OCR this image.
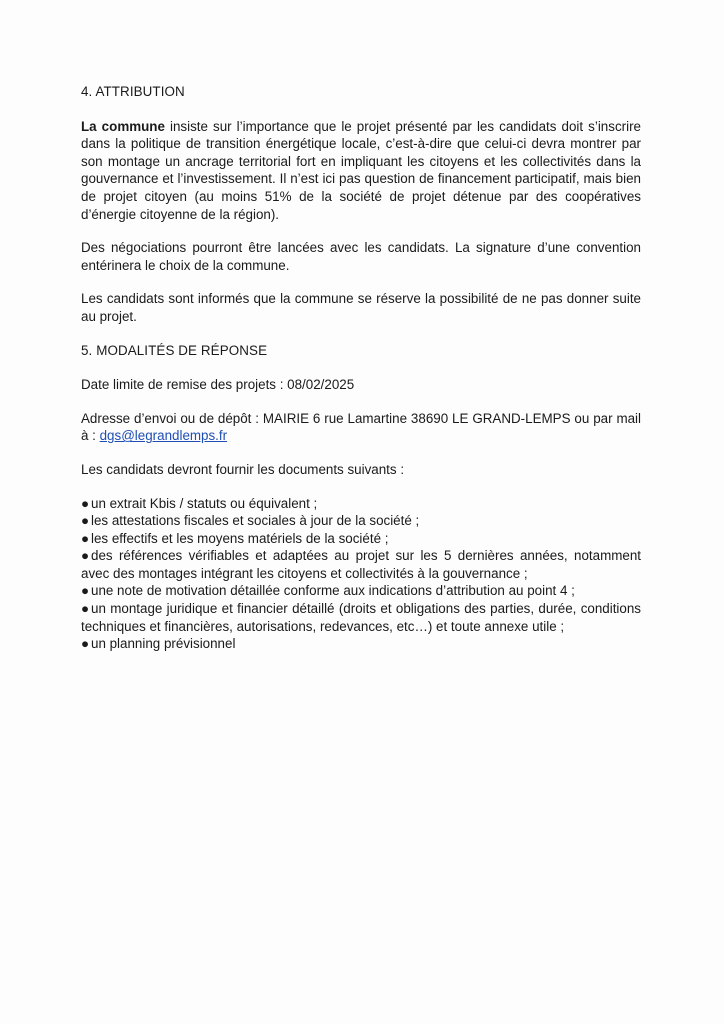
4. ATTRIBUTION

La commune insiste sur l’importance que le projet présenté par les candidats doit s’inscrire dans la politique de transition énergétique locale, c’est-à-dire que celui-ci devra montrer par son montage un ancrage territorial fort en impliquant les citoyens et les collectivités dans la gouvernance et l’investissement. Il n’est ici pas question de financement participatif, mais bien de projet citoyen (au moins 51% de la société de projet détenue par des coopératives d’énergie citoyenne de la région).

Des négociations pourront être lancées avec les candidats. La signature d’une convention entérinera le choix de la commune.

Les candidats sont informés que la commune se réserve la possibilité de ne pas donner suite au projet.

5. MODALITÉS DE RÉPONSE

Date limite de remise des projets : 08/02/2025

Adresse d’envoi ou de dépôt : MAIRIE 6 rue Lamartine 38690 LE GRAND-LEMPS ou par mail à : dgs@legrandlemps.fr

Les candidats devront fournir les documents suivants :

● un extrait Kbis / statuts ou équivalent ;
● les attestations fiscales et sociales à jour de la société ;
● les effectifs et les moyens matériels de la société ;
● des références vérifiables et adaptées au projet sur les 5 dernières années, notamment avec des montages intégrant les citoyens et collectivités à la gouvernance ;
● une note de motivation détaillée conforme aux indications d’attribution au point 4 ;
● un montage juridique et financier détaillé (droits et obligations des parties, durée, conditions techniques et financières, autorisations, redevances, etc…) et toute annexe utile ;
● un planning prévisionnel
